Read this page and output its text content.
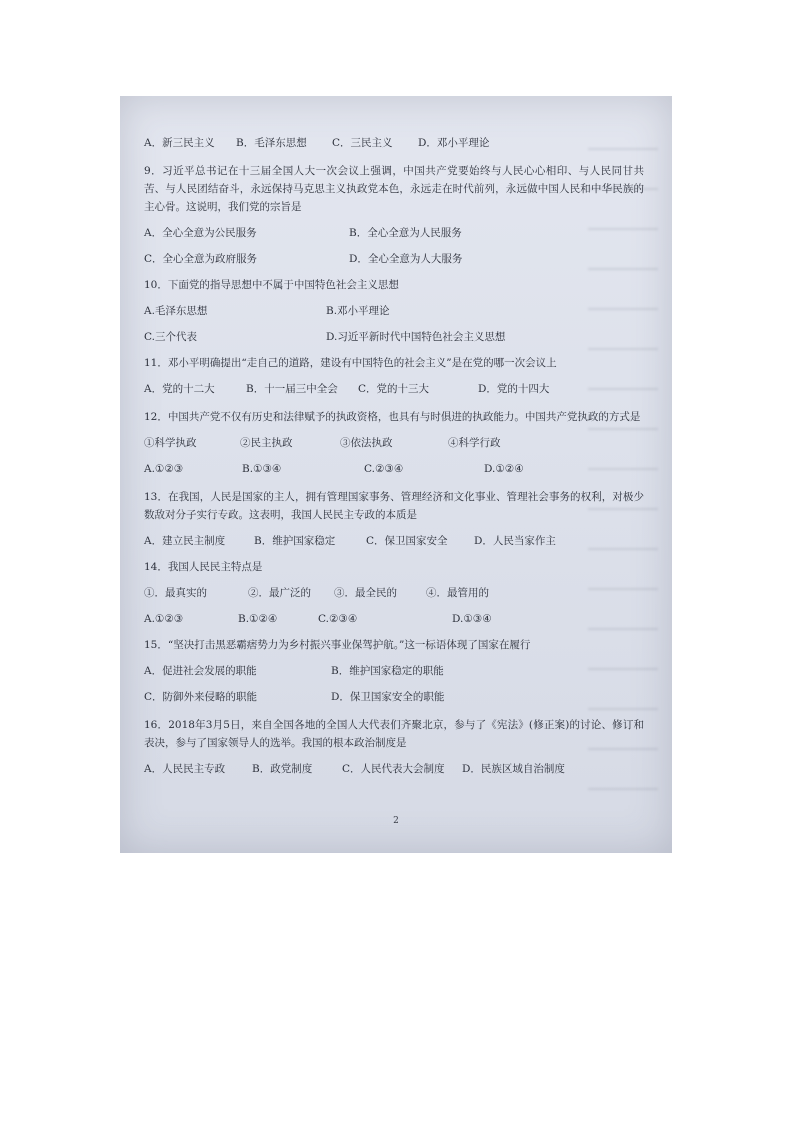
A．新三民主义	B．毛泽东思想	C．三民主义	D．邓小平理论

9．习近平总书记在十三届全国人大一次会议上强调，中国共产党要始终与人民心心相印、与人民同甘共苦、与人民团结奋斗，永远保持马克思主义执政党本色，永远走在时代前列，永远做中国人民和中华民族的主心骨。这说明，我们党的宗旨是

A．全心全意为公民服务	B．全心全意为人民服务
C．全心全意为政府服务	D．全心全意为人大服务

10．下面党的指导思想中不属于中国特色社会主义思想

A.毛泽东思想	B.邓小平理论
C.三个代表	D.习近平新时代中国特色社会主义思想

11．邓小平明确提出“走自己的道路，建设有中国特色的社会主义”是在党的哪一次会议上

A．党的十二大	B．十一届三中全会	C．党的十三大	D．党的十四大

12．中国共产党不仅有历史和法律赋予的执政资格，也具有与时俱进的执政能力。中国共产党执政的方式是

①科学执政	②民主执政	③依法执政	④科学行政
A.①②③	B.①③④	C.②③④	D.①②④

13．在我国，人民是国家的主人，拥有管理国家事务、管理经济和文化事业、管理社会事务的权利，对极少数敌对分子实行专政。这表明，我国人民民主专政的本质是

A．建立民主制度	B．维护国家稳定	C．保卫国家安全	D．人民当家作主

14．我国人民民主特点是

①．最真实的	②．最广泛的	③．最全民的	④．最管用的
A.①②③	B.①②④	C.②③④	D.①③④

15．“坚决打击黑恶霸痞势力为乡村振兴事业保驾护航。”这一标语体现了国家在履行

A．促进社会发展的职能	B．维护国家稳定的职能
C．防御外来侵略的职能	D．保卫国家安全的职能

16．2018年3月5日，来自全国各地的全国人大代表们齐聚北京，参与了《宪法》(修正案)的讨论、修订和表决，参与了国家领导人的选举。我国的根本政治制度是

A．人民民主专政	B．政党制度	C．人民代表大会制度	D．民族区域自治制度
2
